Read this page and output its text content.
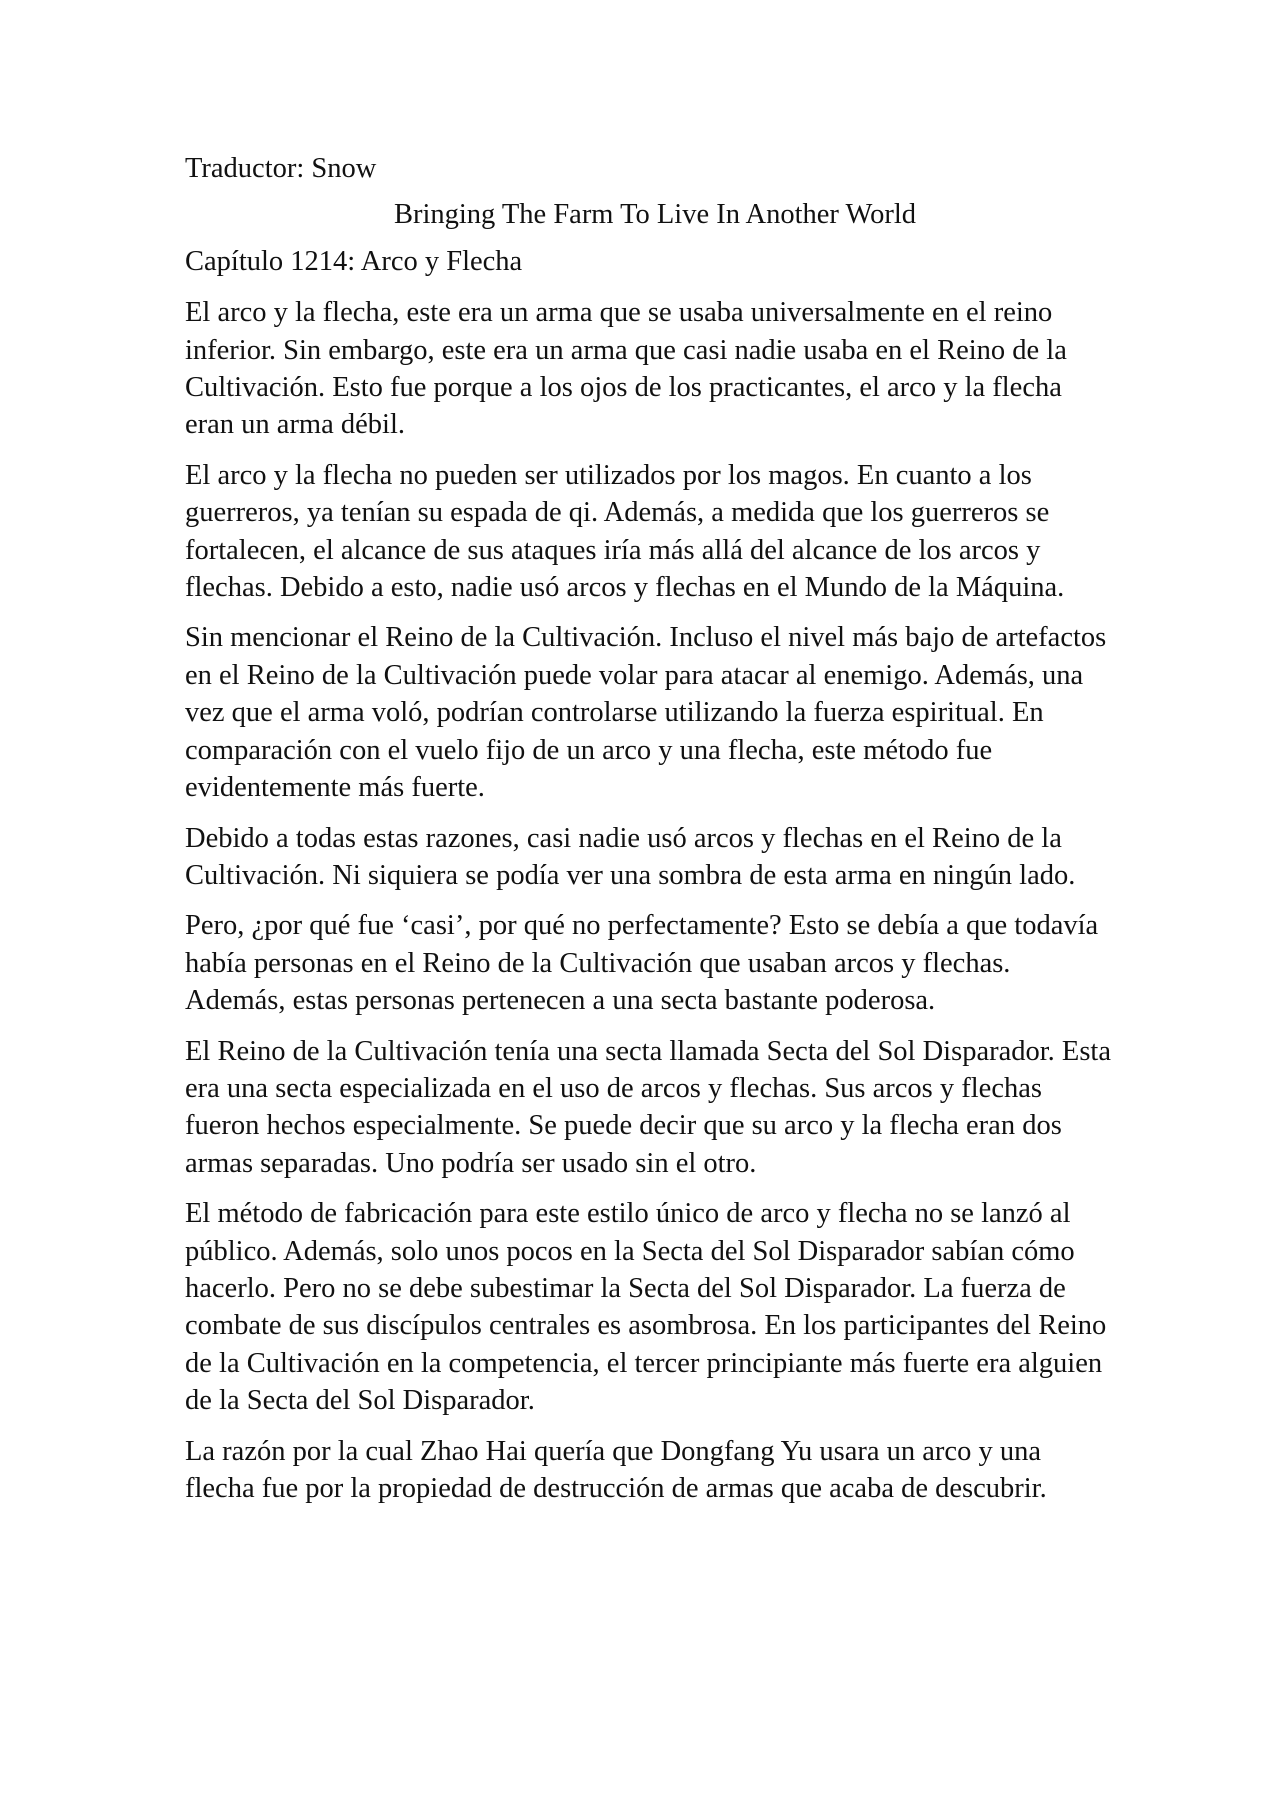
Traductor: Snow

Bringing The Farm To Live In Another World

Capítulo 1214: Arco y Flecha

El arco y la flecha, este era un arma que se usaba universalmente en el reino inferior. Sin embargo, este era un arma que casi nadie usaba en el Reino de la Cultivación. Esto fue porque a los ojos de los practicantes, el arco y la flecha eran un arma débil.

El arco y la flecha no pueden ser utilizados por los magos. En cuanto a los guerreros, ya tenían su espada de qi. Además, a medida que los guerreros se fortalecen, el alcance de sus ataques iría más allá del alcance de los arcos y flechas. Debido a esto, nadie usó arcos y flechas en el Mundo de la Máquina.

Sin mencionar el Reino de la Cultivación. Incluso el nivel más bajo de artefactos en el Reino de la Cultivación puede volar para atacar al enemigo. Además, una vez que el arma voló, podrían controlarse utilizando la fuerza espiritual. En comparación con el vuelo fijo de un arco y una flecha, este método fue evidentemente más fuerte.

Debido a todas estas razones, casi nadie usó arcos y flechas en el Reino de la Cultivación. Ni siquiera se podía ver una sombra de esta arma en ningún lado.

Pero, ¿por qué fue ‘casi’, por qué no perfectamente? Esto se debía a que todavía había personas en el Reino de la Cultivación que usaban arcos y flechas. Además, estas personas pertenecen a una secta bastante poderosa.

El Reino de la Cultivación tenía una secta llamada Secta del Sol Disparador. Esta era una secta especializada en el uso de arcos y flechas. Sus arcos y flechas fueron hechos especialmente. Se puede decir que su arco y la flecha eran dos armas separadas. Uno podría ser usado sin el otro.

El método de fabricación para este estilo único de arco y flecha no se lanzó al público. Además, solo unos pocos en la Secta del Sol Disparador sabían cómo hacerlo. Pero no se debe subestimar la Secta del Sol Disparador. La fuerza de combate de sus discípulos centrales es asombrosa. En los participantes del Reino de la Cultivación en la competencia, el tercer principiante más fuerte era alguien de la Secta del Sol Disparador.

La razón por la cual Zhao Hai quería que Dongfang Yu usara un arco y una flecha fue por la propiedad de destrucción de armas que acaba de descubrir.
